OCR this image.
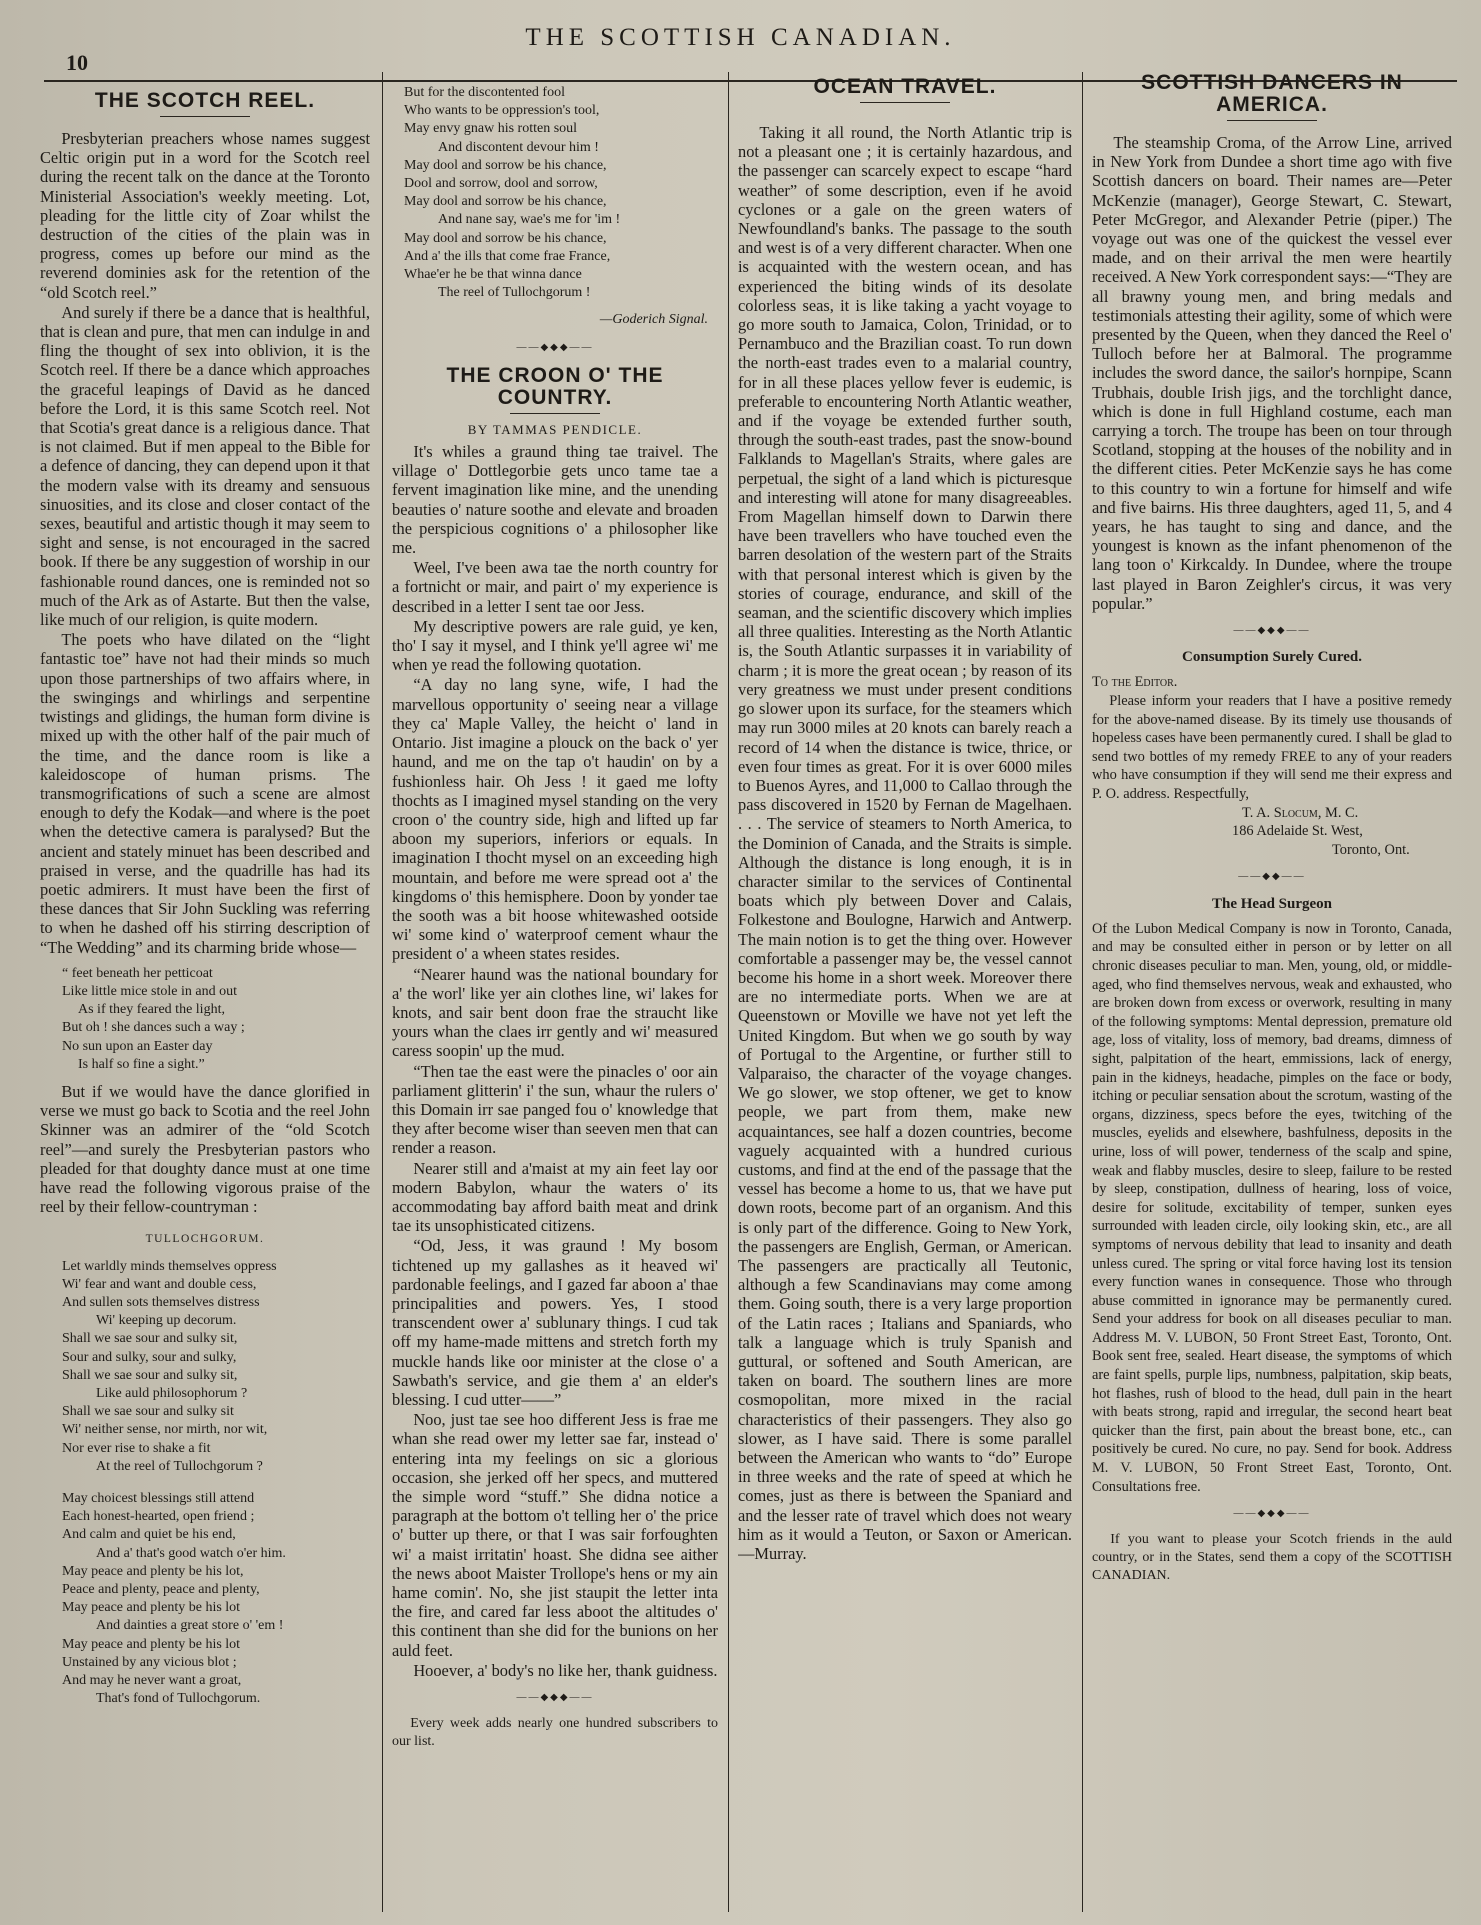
10
THE SCOTTISH CANADIAN.
THE SCOTCH REEL.

Presbyterian preachers whose names suggest Celtic origin put in a word for the Scotch reel during the recent talk on the dance at the Toronto Ministerial Association's weekly meeting. Lot, pleading for the little city of Zoar whilst the destruction of the cities of the plain was in progress, comes up before our mind as the reverend dominies ask for the retention of the “old Scotch reel.”

And surely if there be a dance that is healthful, that is clean and pure, that men can indulge in and fling the thought of sex into oblivion, it is the Scotch reel. If there be a dance which approaches the graceful leapings of David as he danced before the Lord, it is this same Scotch reel. Not that Scotia's great dance is a religious dance. That is not claimed. But if men appeal to the Bible for a defence of dancing, they can depend upon it that the modern valse with its dreamy and sensuous sinuosities, and its close and closer contact of the sexes, beautiful and artistic though it may seem to sight and sense, is not encouraged in the sacred book. If there be any suggestion of worship in our fashionable round dances, one is reminded not so much of the Ark as of Astarte. But then the valse, like much of our religion, is quite modern.

The poets who have dilated on the “light fantastic toe” have not had their minds so much upon those partnerships of two affairs where, in the swingings and whirlings and serpentine twistings and glidings, the human form divine is mixed up with the other half of the pair much of the time, and the dance room is like a kaleidoscope of human prisms. The transmogrifications of such a scene are almost enough to defy the Kodak—and where is the poet when the detective camera is paralysed? But the ancient and stately minuet has been described and praised in verse, and the quadrille has had its poetic admirers. It must have been the first of these dances that Sir John Suckling was referring to when he dashed off his stirring description of “The Wedding” and its charming bride whose—

“ feet beneath her petticoat
Like little mice stole in and out
As if they feared the light,
But oh ! she dances such a way ;
No sun upon an Easter day
Is half so fine a sight.”

But if we would have the dance glorified in verse we must go back to Scotia and the reel John Skinner was an admirer of the “old Scotch reel”—and surely the Presbyterian pastors who pleaded for that doughty dance must at one time have read the following vigorous praise of the reel by their fellow-countryman :

TULLOCHGORUM.
Let warldly minds themselves oppress
Wi' fear and want and double cess,
And sullen sots themselves distress
Wi' keeping up decorum.
Shall we sae sour and sulky sit,
Sour and sulky, sour and sulky,
Shall we sae sour and sulky sit,
Like auld philosophorum ?
Shall we sae sour and sulky sit
Wi' neither sense, nor mirth, nor wit,
Nor ever rise to shake a fit
At the reel of Tullochgorum ?
May choicest blessings still attend
Each honest-hearted, open friend ;
And calm and quiet be his end,
And a' that's good watch o'er him.
May peace and plenty be his lot,
Peace and plenty, peace and plenty,
May peace and plenty be his lot
And dainties a great store o' 'em !
May peace and plenty be his lot
Unstained by any vicious blot ;
And may he never want a groat,
That's fond of Tullochgorum.
But for the discontented fool
Who wants to be oppression's tool,
May envy gnaw his rotten soul
And discontent devour him !
May dool and sorrow be his chance,
Dool and sorrow, dool and sorrow,
May dool and sorrow be his chance,
And nane say, wae's me for 'im !
May dool and sorrow be his chance,
And a' the ills that come frae France,
Whae'er he be that winna dance
The reel of Tullochgorum !
—Goderich Signal.
——◆◆◆——
THE CROON O' THE COUNTRY.
BY TAMMAS PENDICLE.

It's whiles a graund thing tae traivel. The village o' Dottlegorbie gets unco tame tae a fervent imagination like mine, and the unending beauties o' nature soothe and elevate and broaden the perspicious cognitions o' a philosopher like me.

Weel, I've been awa tae the north country for a fortnicht or mair, and pairt o' my experience is described in a letter I sent tae oor Jess.

My descriptive powers are rale guid, ye ken, tho' I say it mysel, and I think ye'll agree wi' me when ye read the following quotation.

“A day no lang syne, wife, I had the marvellous opportunity o' seeing near a village they ca' Maple Valley, the heicht o' land in Ontario. Jist imagine a plouck on the back o' yer haund, and me on the tap o't haudin' on by a fushionless hair. Oh Jess ! it gaed me lofty thochts as I imagined mysel standing on the very croon o' the country side, high and lifted up far aboon my superiors, inferiors or equals. In imagination I thocht mysel on an exceeding high mountain, and before me were spread oot a' the kingdoms o' this hemisphere. Doon by yonder tae the sooth was a bit hoose whitewashed ootside wi' some kind o' waterproof cement whaur the president o' a wheen states resides.

“Nearer haund was the national boundary for a' the worl' like yer ain clothes line, wi' lakes for knots, and sair bent doon frae the straucht like yours whan the claes irr gently and wi' measured caress soopin' up the mud.

“Then tae the east were the pinacles o' oor ain parliament glitterin' i' the sun, whaur the rulers o' this Domain irr sae panged fou o' knowledge that they after become wiser than seeven men that can render a reason.

Nearer still and a'maist at my ain feet lay oor modern Babylon, whaur the waters o' its accommodating bay afford baith meat and drink tae its unsophisticated citizens.

“Od, Jess, it was graund ! My bosom tichtened up my gallashes as it heaved wi' pardonable feelings, and I gazed far aboon a' thae principalities and powers. Yes, I stood transcendent ower a' sublunary things. I cud tak off my hame-made mittens and stretch forth my muckle hands like oor minister at the close o' a Sawbath's service, and gie them a' an elder's blessing. I cud utter——”

Noo, just tae see hoo different Jess is frae me whan she read ower my letter sae far, instead o' entering inta my feelings on sic a glorious occasion, she jerked off her specs, and muttered the simple word “stuff.” She didna notice a paragraph at the bottom o't telling her o' the price o' butter up there, or that I was sair forfoughten wi' a maist irritatin' hoast. She didna see aither the news aboot Maister Trollope's hens or my ain hame comin'. No, she jist staupit the letter inta the fire, and cared far less aboot the altitudes o' this continent than she did for the bunions on her auld feet.

Hooever, a' body's no like her, thank guidness.

——◆◆◆——

Every week adds nearly one hundred subscribers to our list.

OCEAN TRAVEL.

Taking it all round, the North Atlantic trip is not a pleasant one ; it is certainly hazardous, and the passenger can scarcely expect to escape “hard weather” of some description, even if he avoid cyclones or a gale on the green waters of Newfoundland's banks. The passage to the south and west is of a very different character. When one is acquainted with the western ocean, and has experienced the biting winds of its desolate colorless seas, it is like taking a yacht voyage to go more south to Jamaica, Colon, Trinidad, or to Pernambuco and the Brazilian coast. To run down the north-east trades even to a malarial country, for in all these places yellow fever is eudemic, is preferable to encountering North Atlantic weather, and if the voyage be extended further south, through the south-east trades, past the snow-bound Falklands to Magellan's Straits, where gales are perpetual, the sight of a land which is picturesque and interesting will atone for many disagreeables. From Magellan himself down to Darwin there have been travellers who have touched even the barren desolation of the western part of the Straits with that personal interest which is given by the stories of courage, endurance, and skill of the seaman, and the scientific discovery which implies all three qualities. Interesting as the North Atlantic is, the South Atlantic surpasses it in variability of charm ; it is more the great ocean ; by reason of its very greatness we must under present conditions go slower upon its surface, for the steamers which may run 3000 miles at 20 knots can barely reach a record of 14 when the distance is twice, thrice, or even four times as great. For it is over 6000 miles to Buenos Ayres, and 11,000 to Callao through the pass discovered in 1520 by Fernan de Magelhaen. . . . The service of steamers to North America, to the Dominion of Canada, and the Straits is simple. Although the distance is long enough, it is in character similar to the services of Continental boats which ply between Dover and Calais, Folkestone and Boulogne, Harwich and Antwerp. The main notion is to get the thing over. However comfortable a passenger may be, the vessel cannot become his home in a short week. Moreover there are no intermediate ports. When we are at Queenstown or Moville we have not yet left the United Kingdom. But when we go south by way of Portugal to the Argentine, or further still to Valparaiso, the character of the voyage changes. We go slower, we stop oftener, we get to know people, we part from them, make new acquaintances, see half a dozen countries, become vaguely acquainted with a hundred curious customs, and find at the end of the passage that the vessel has become a home to us, that we have put down roots, become part of an organism. And this is only part of the difference. Going to New York, the passengers are English, German, or American. The passengers are practically all Teutonic, although a few Scandinavians may come among them. Going south, there is a very large proportion of the Latin races ; Italians and Spaniards, who talk a language which is truly Spanish and guttural, or softened and South American, are taken on board. The southern lines are more cosmopolitan, more mixed in the racial characteristics of their passengers. They also go slower, as I have said. There is some parallel between the American who wants to “do” Europe in three weeks and the rate of speed at which he comes, just as there is between the Spaniard and and the lesser rate of travel which does not weary him as it would a Teuton, or Saxon or American.—Murray.

SCOTTISH DANCERS IN AMERICA.

The steamship Croma, of the Arrow Line, arrived in New York from Dundee a short time ago with five Scottish dancers on board. Their names are—Peter McKenzie (manager), George Stewart, C. Stewart, Peter McGregor, and Alexander Petrie (piper.) The voyage out was one of the quickest the vessel ever made, and on their arrival the men were heartily received. A New York correspondent says:—“They are all brawny young men, and bring medals and testimonials attesting their agility, some of which were presented by the Queen, when they danced the Reel o' Tulloch before her at Balmoral. The programme includes the sword dance, the sailor's hornpipe, Scann Trubhais, double Irish jigs, and the torchlight dance, which is done in full Highland costume, each man carrying a torch. The troupe has been on tour through Scotland, stopping at the houses of the nobility and in the different cities. Peter McKenzie says he has come to this country to win a fortune for himself and wife and five bairns. His three daughters, aged 11, 5, and 4 years, he has taught to sing and dance, and the youngest is known as the infant phenomenon of the lang toon o' Kirkcaldy. In Dundee, where the troupe last played in Baron Zeighler's circus, it was very popular.”

——◆◆◆——
Consumption Surely Cured.
To the Editor.

Please inform your readers that I have a positive remedy for the above-named disease. By its timely use thousands of hopeless cases have been permanently cured. I shall be glad to send two bottles of my remedy FREE to any of your readers who have consumption if they will send me their express and P. O. address. Respectfully,

T. A. Slocum, M. C.
186 Adelaide St. West,
Toronto, Ont.
——◆◆——
The Head Surgeon

Of the Lubon Medical Company is now in Toronto, Canada, and may be consulted either in person or by letter on all chronic diseases peculiar to man. Men, young, old, or middle-aged, who find themselves nervous, weak and exhausted, who are broken down from excess or overwork, resulting in many of the following symptoms: Mental depression, premature old age, loss of vitality, loss of memory, bad dreams, dimness of sight, palpitation of the heart, emmissions, lack of energy, pain in the kidneys, headache, pimples on the face or body, itching or peculiar sensation about the scrotum, wasting of the organs, dizziness, specs before the eyes, twitching of the muscles, eyelids and elsewhere, bashfulness, deposits in the urine, loss of will power, tenderness of the scalp and spine, weak and flabby muscles, desire to sleep, failure to be rested by sleep, constipation, dullness of hearing, loss of voice, desire for solitude, excitability of temper, sunken eyes surrounded with leaden circle, oily looking skin, etc., are all symptoms of nervous debility that lead to insanity and death unless cured. The spring or vital force having lost its tension every function wanes in consequence. Those who through abuse committed in ignorance may be permanently cured. Send your address for book on all diseases peculiar to man. Address M. V. LUBON, 50 Front Street East, Toronto, Ont. Book sent free, sealed. Heart disease, the symptoms of which are faint spells, purple lips, numbness, palpitation, skip beats, hot flashes, rush of blood to the head, dull pain in the heart with beats strong, rapid and irregular, the second heart beat quicker than the first, pain about the breast bone, etc., can positively be cured. No cure, no pay. Send for book. Address M. V. LUBON, 50 Front Street East, Toronto, Ont. Consultations free.

——◆◆◆——

If you want to please your Scotch friends in the auld country, or in the States, send them a copy of the SCOTTISH CANADIAN.
